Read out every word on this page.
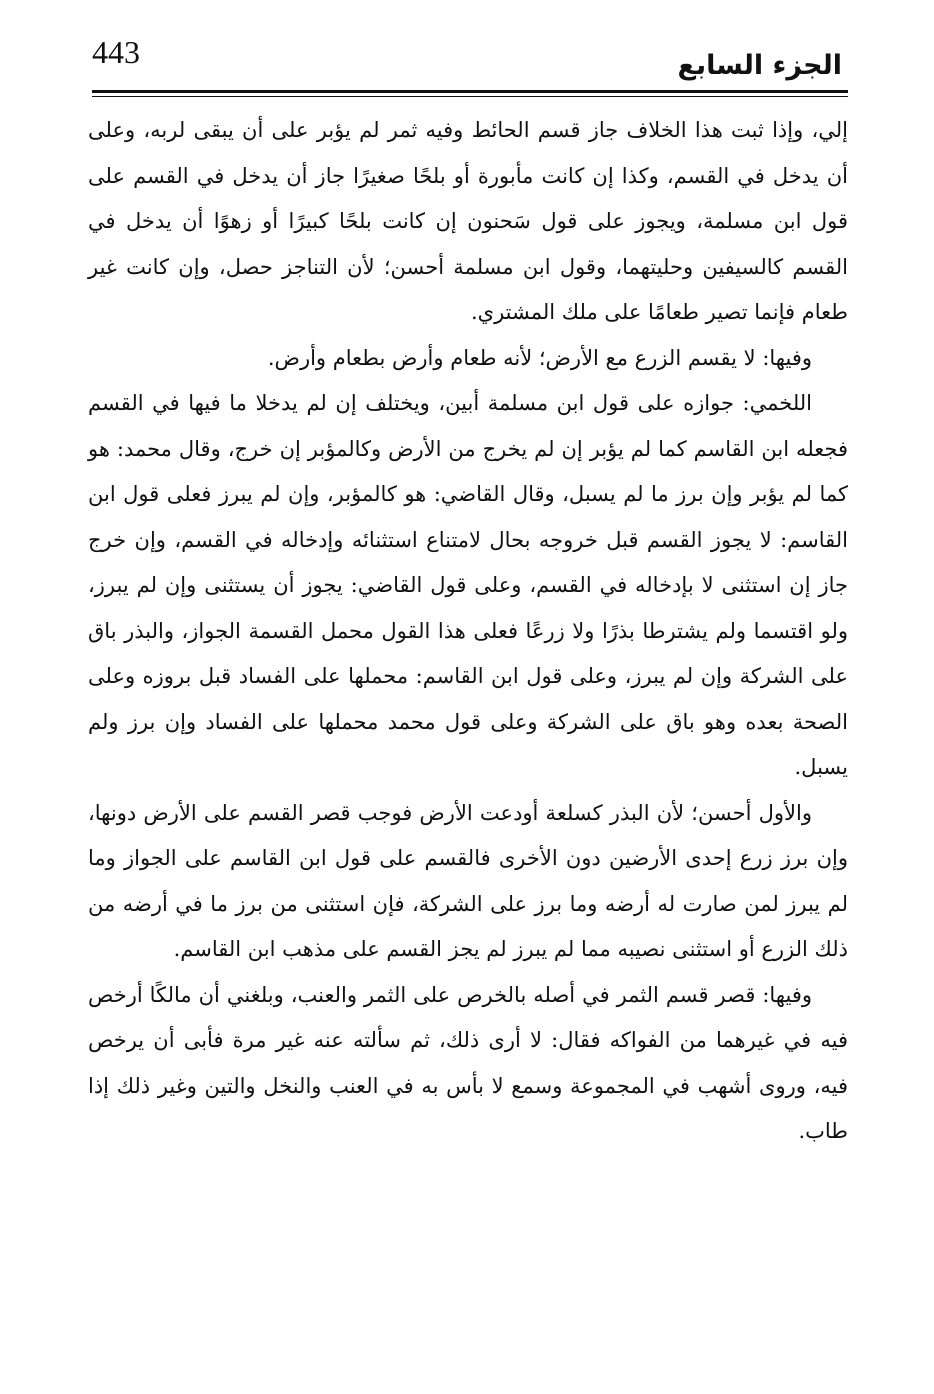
443	الجزء السابع

إلي، وإذا ثبت هذا الخلاف جاز قسم الحائط وفيه ثمر لم يؤبر على أن يبقى لربه، وعلى أن يدخل في القسم، وكذا إن كانت مأبورة أو بلحًا صغيرًا جاز أن يدخل في القسم على قول ابن مسلمة، ويجوز على قول سَحنون إن كانت بلحًا كبيرًا أو زهوًا أن يدخل في القسم كالسيفين وحليتهما، وقول ابن مسلمة أحسن؛ لأن التناجز حصل، وإن كانت غير طعام فإنما تصير طعامًا على ملك المشتري.

وفيها: لا يقسم الزرع مع الأرض؛ لأنه طعام وأرض بطعام وأرض.

اللخمي: جوازه على قول ابن مسلمة أبين، ويختلف إن لم يدخلا ما فيها في القسم فجعله ابن القاسم كما لم يؤبر إن لم يخرج من الأرض وكالمؤبر إن خرج، وقال محمد: هو كما لم يؤبر وإن برز ما لم يسبل، وقال القاضي: هو كالمؤبر، وإن لم يبرز فعلى قول ابن القاسم: لا يجوز القسم قبل خروجه بحال لامتناع استثنائه وإدخاله في القسم، وإن خرج جاز إن استثنى لا بإدخاله في القسم، وعلى قول القاضي: يجوز أن يستثنى وإن لم يبرز، ولو اقتسما ولم يشترطا بذرًا ولا زرعًا فعلى هذا القول محمل القسمة الجواز، والبذر باق على الشركة وإن لم يبرز، وعلى قول ابن القاسم: محملها على الفساد قبل بروزه وعلى الصحة بعده وهو باق على الشركة وعلى قول محمد محملها على الفساد وإن برز ولم يسبل.

والأول أحسن؛ لأن البذر كسلعة أودعت الأرض فوجب قصر القسم على الأرض دونها، وإن برز زرع إحدى الأرضين دون الأخرى فالقسم على قول ابن القاسم على الجواز وما لم يبرز لمن صارت له أرضه وما برز على الشركة، فإن استثنى من برز ما في أرضه من ذلك الزرع أو استثنى نصيبه مما لم يبرز لم يجز القسم على مذهب ابن القاسم.

وفيها: قصر قسم الثمر في أصله بالخرص على الثمر والعنب، وبلغني أن مالكًا أرخص فيه في غيرهما من الفواكه فقال: لا أرى ذلك، ثم سألته عنه غير مرة فأبى أن يرخص فيه، وروى أشهب في المجموعة وسمع لا بأس به في العنب والنخل والتين وغير ذلك إذا طاب.
